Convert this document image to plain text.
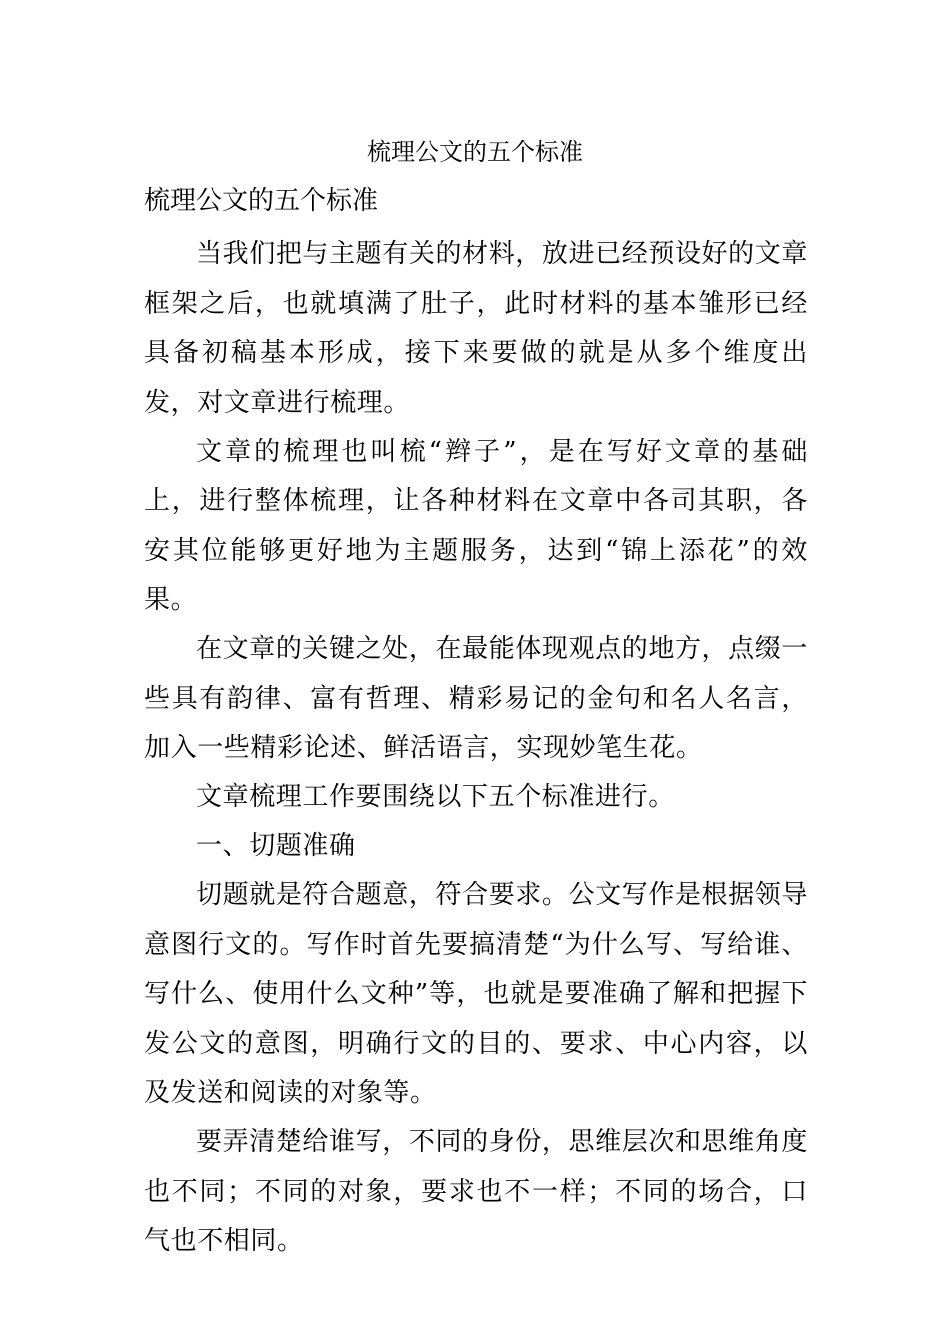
梳理公文的五个标准
梳理公文的五个标准

当我们把与主题有关的材料，放进已经预设好的文章框架之后，也就填满了肚子，此时材料的基本雏形已经具备初稿基本形成，接下来要做的就是从多个维度出发，对文章进行梳理。

文章的梳理也叫梳“辫子”，是在写好文章的基础上，进行整体梳理，让各种材料在文章中各司其职，各安其位能够更好地为主题服务，达到“锦上添花”的效果。

在文章的关键之处，在最能体现观点的地方，点缀一些具有韵律、富有哲理、精彩易记的金句和名人名言，加入一些精彩论述、鲜活语言，实现妙笔生花。

文章梳理工作要围绕以下五个标准进行。

一、切题准确

切题就是符合题意，符合要求。公文写作是根据领导意图行文的。写作时首先要搞清楚“为什么写、写给谁、写什么、使用什么文种”等，也就是要准确了解和把握下发公文的意图，明确行文的目的、要求、中心内容，以及发送和阅读的对象等。

要弄清楚给谁写，不同的身份，思维层次和思维角度也不同；不同的对象，要求也不一样；不同的场合，口气也不相同。
